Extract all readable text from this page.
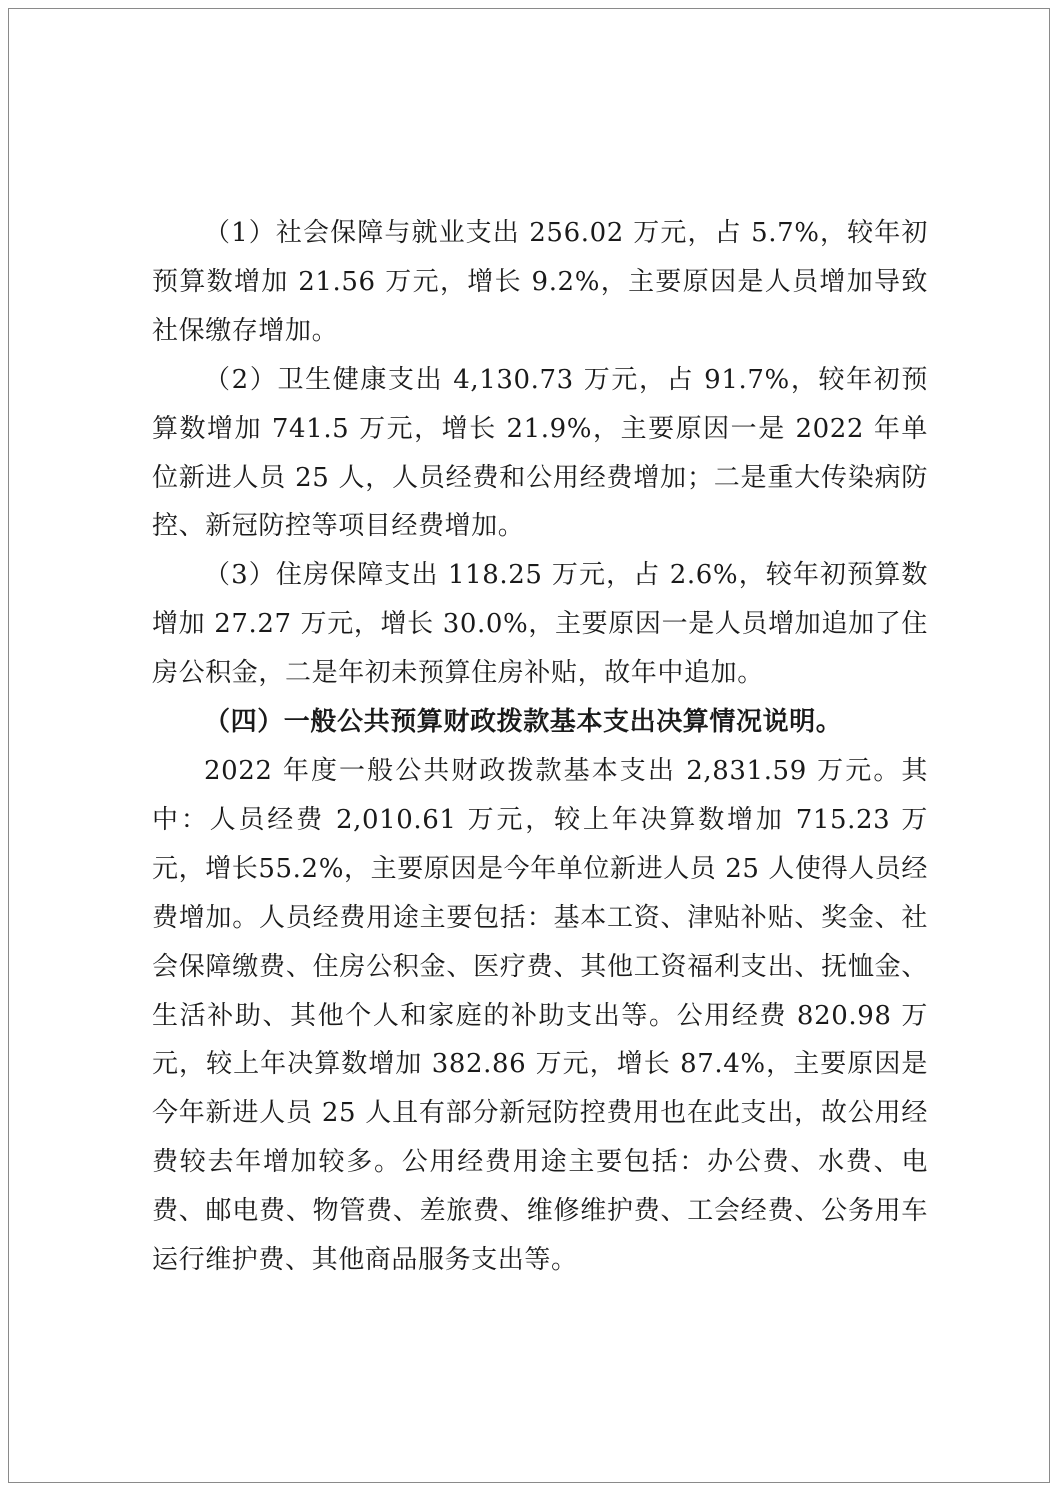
（1）社会保障与就业支出 256.02 万元，占 5.7%，较年初预算数增加 21.56 万元，增长 9.2%，主要原因是人员增加导致社保缴存增加。

（2）卫生健康支出 4,130.73 万元，占 91.7%，较年初预算数增加 741.5 万元，增长 21.9%，主要原因一是 2022 年单位新进人员 25 人，人员经费和公用经费增加；二是重大传染病防控、新冠防控等项目经费增加。

（3）住房保障支出 118.25 万元，占 2.6%，较年初预算数增加 27.27 万元，增长 30.0%，主要原因一是人员增加追加了住房公积金，二是年初未预算住房补贴，故年中追加。

（四）一般公共预算财政拨款基本支出决算情况说明。

2022 年度一般公共财政拨款基本支出 2,831.59 万元。其中：人员经费 2,010.61 万元，较上年决算数增加 715.23 万元，增长55.2%，主要原因是今年单位新进人员 25 人使得人员经费增加。人员经费用途主要包括：基本工资、津贴补贴、奖金、社会保障缴费、住房公积金、医疗费、其他工资福利支出、抚恤金、生活补助、其他个人和家庭的补助支出等。公用经费 820.98 万元，较上年决算数增加 382.86 万元，增长 87.4%，主要原因是今年新进人员 25 人且有部分新冠防控费用也在此支出，故公用经费较去年增加较多。公用经费用途主要包括：办公费、水费、电费、邮电费、物管费、差旅费、维修维护费、工会经费、公务用车运行维护费、其他商品服务支出等。
